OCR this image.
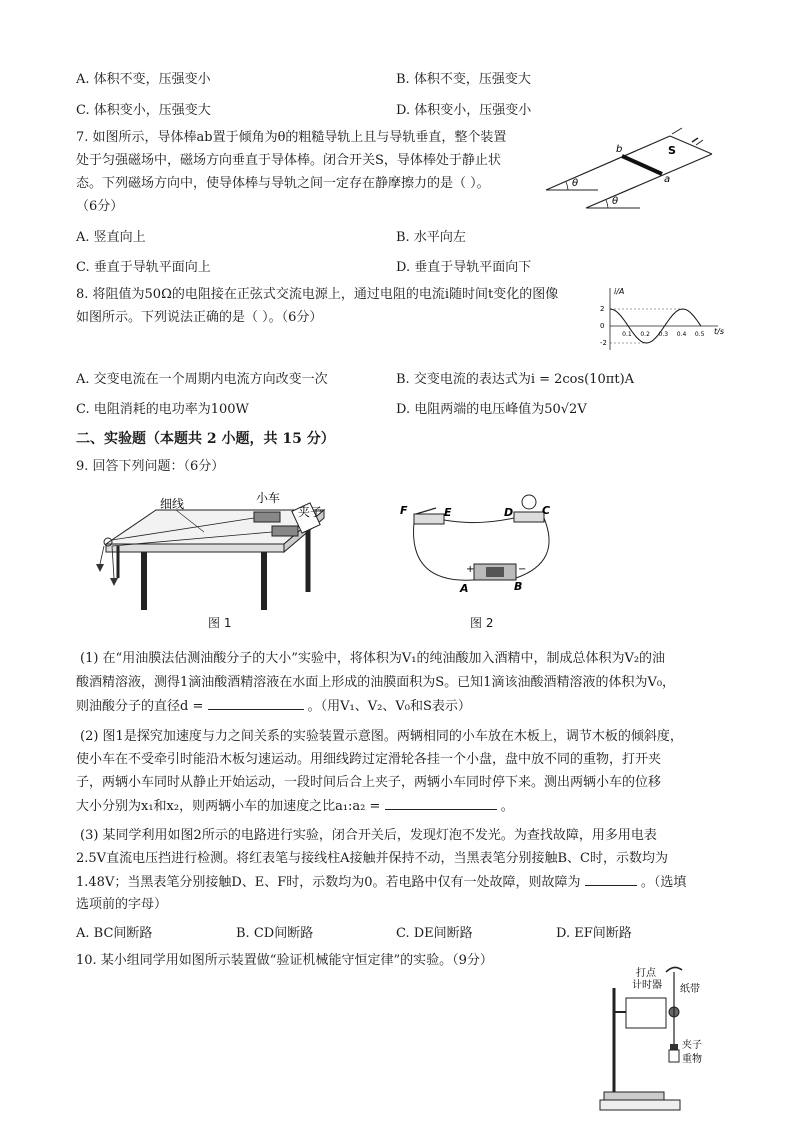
A. 体积不变，压强变小	B. 体积不变，压强变大
C. 体积变小，压强变大	D. 体积变小，压强变小
7. 如图所示，导体棒ab置于倾角为θ的粗糙导轨上且与导轨垂直，整个装置
处于匀强磁场中，磁场方向垂直于导体棒。闭合开关S，导体棒处于静止状
态。下列磁场方向中，使导体棒与导轨之间一定存在静摩擦力的是（ ）。
（6分）
b
a
S
θ
θ
A. 竖直向上	B. 水平向左
C. 垂直于导轨平面向上	D. 垂直于导轨平面向下
8. 将阻值为50Ω的电阻接在正弦式交流电源上，通过电阻的电流i随时间t变化的图像
如图所示。下列说法正确的是（ ）。（6分）
0.1 0.2 0.3 0.4 0.5
2
0
-2
i/A
t/s
A. 交变电流在一个周期内电流方向改变一次	B. 交变电流的表达式为i = 2cos(10πt)A
C. 电阻消耗的电功率为100W	D. 电阻两端的电压峰值为50√2V
二、实验题（本题共 2 小题，共 15 分）
9. 回答下列问题：（6分）
细线	小车
夹子
图 1
F	E	D	C
A	B
+	−
图 2
(1) 在“用油膜法估测油酸分子的大小”实验中，将体积为V₁的纯油酸加入酒精中，制成总体积为V₂的油
酸酒精溶液，测得1滴油酸酒精溶液在水面上形成的油膜面积为S。已知1滴该油酸酒精溶液的体积为V₀，
则油酸分子的直径d =	。（用V₁、V₂、V₀和S表示）
(2) 图1是探究加速度与力之间关系的实验装置示意图。两辆相同的小车放在木板上，调节木板的倾斜度，
使小车在不受牵引时能沿木板匀速运动。用细线跨过定滑轮各挂一个小盘，盘中放不同的重物，打开夹
子，两辆小车同时从静止开始运动，一段时间后合上夹子，两辆小车同时停下来。测出两辆小车的位移
大小分别为x₁和x₂，则两辆小车的加速度之比a₁:a₂ =	。
(3) 某同学利用如图2所示的电路进行实验，闭合开关后，发现灯泡不发光。为查找故障，用多用电表
2.5V直流电压挡进行检测。将红表笔与接线柱A接触并保持不动，当黑表笔分别接触B、C时，示数均为
1.48V；当黑表笔分别接触D、E、F时，示数均为0。若电路中仅有一处故障，则故障为	。（选填
选项前的字母）
A. BC间断路	B. CD间断路	C. DE间断路	D. EF间断路
10. 某小组同学用如图所示装置做“验证机械能守恒定律”的实验。（9分）
打点
计时器 纸带
夹子
重物
